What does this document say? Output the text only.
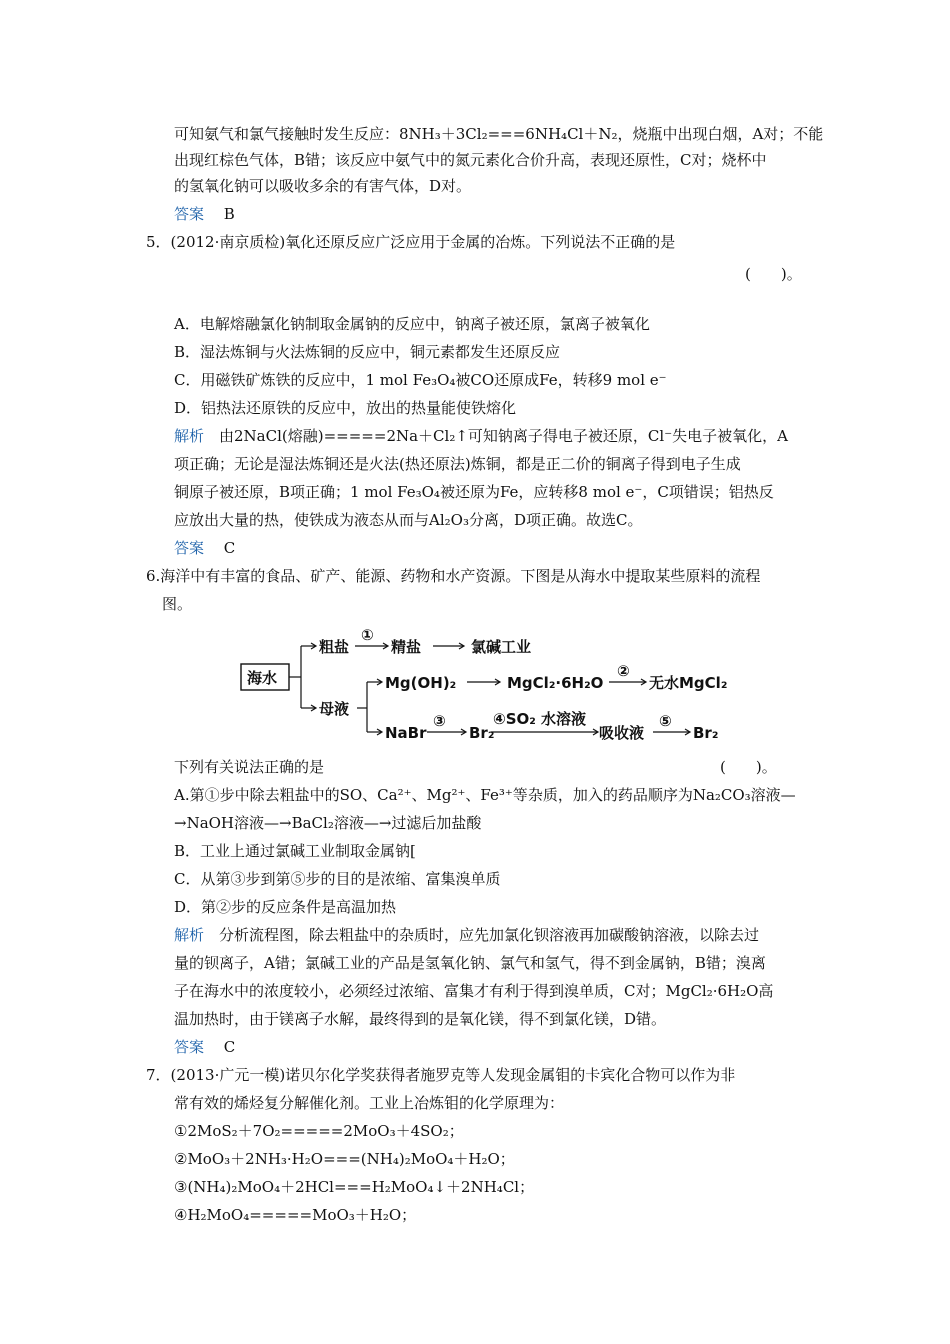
可知氨气和氯气接触时发生反应：8NH₃＋3Cl₂===6NH₄Cl＋N₂，烧瓶中出现白烟，A对；不能
出现红棕色气体，B错；该反应中氨气中的氮元素化合价升高，表现还原性，C对；烧杯中
的氢氧化钠可以吸收多余的有害气体，D对。
答案　 B
5．(2012·南京质检)氧化还原反应广泛应用于金属的冶炼。下列说法不正确的是
(　　)。
A．电解熔融氯化钠制取金属钠的反应中，钠离子被还原，氯离子被氧化
B．湿法炼铜与火法炼铜的反应中，铜元素都发生还原反应
C．用磁铁矿炼铁的反应中，1 mol Fe₃O₄被CO还原成Fe，转移9 mol e⁻
D．铝热法还原铁的反应中，放出的热量能使铁熔化
解析　由2NaCl(熔融)=====2Na＋Cl₂↑可知钠离子得电子被还原，Cl⁻失电子被氧化，A
项正确；无论是湿法炼铜还是火法(热还原法)炼铜，都是正二价的铜离子得到电子生成
铜原子被还原，B项正确；1 mol Fe₃O₄被还原为Fe，应转移8 mol e⁻，C项错误；铝热反
应放出大量的热，使铁成为液态从而与Al₂O₃分离，D项正确。故选C。
答案　 C
6.海洋中有丰富的食品、矿产、能源、药物和水产资源。下图是从海水中提取某些原料的流程
图。
海水
粗盐
①
精盐	氯碱工业
母液
Mg(OH)₂	MgCl₂·6H₂O
②
无水MgCl₂
NaBr
③
Br₂
④SO₂ 水溶液
吸收液
⑤
Br₂
下列有关说法正确的是	(　　)。
A.第①步中除去粗盐中的SO、Ca²⁺、Mg²⁺、Fe³⁺等杂质，加入的药品顺序为Na₂CO₃溶液—
→NaOH溶液—→BaCl₂溶液—→过滤后加盐酸
B．工业上通过氯碱工业制取金属钠[
C．从第③步到第⑤步的目的是浓缩、富集溴单质
D．第②步的反应条件是高温加热
解析　分析流程图，除去粗盐中的杂质时，应先加氯化钡溶液再加碳酸钠溶液，以除去过
量的钡离子，A错；氯碱工业的产品是氢氧化钠、氯气和氢气，得不到金属钠，B错；溴离
子在海水中的浓度较小，必须经过浓缩、富集才有利于得到溴单质，C对；MgCl₂·6H₂O高
温加热时，由于镁离子水解，最终得到的是氧化镁，得不到氯化镁，D错。
答案　 C
7．(2013·广元一模)诺贝尔化学奖获得者施罗克等人发现金属钼的卡宾化合物可以作为非
常有效的烯烃复分解催化剂。工业上冶炼钼的化学原理为：
①2MoS₂＋7O₂=====2MoO₃＋4SO₂；
②MoO₃＋2NH₃·H₂O===(NH₄)₂MoO₄＋H₂O；
③(NH₄)₂MoO₄＋2HCl===H₂MoO₄↓＋2NH₄Cl；
④H₂MoO₄=====MoO₃＋H₂O；
